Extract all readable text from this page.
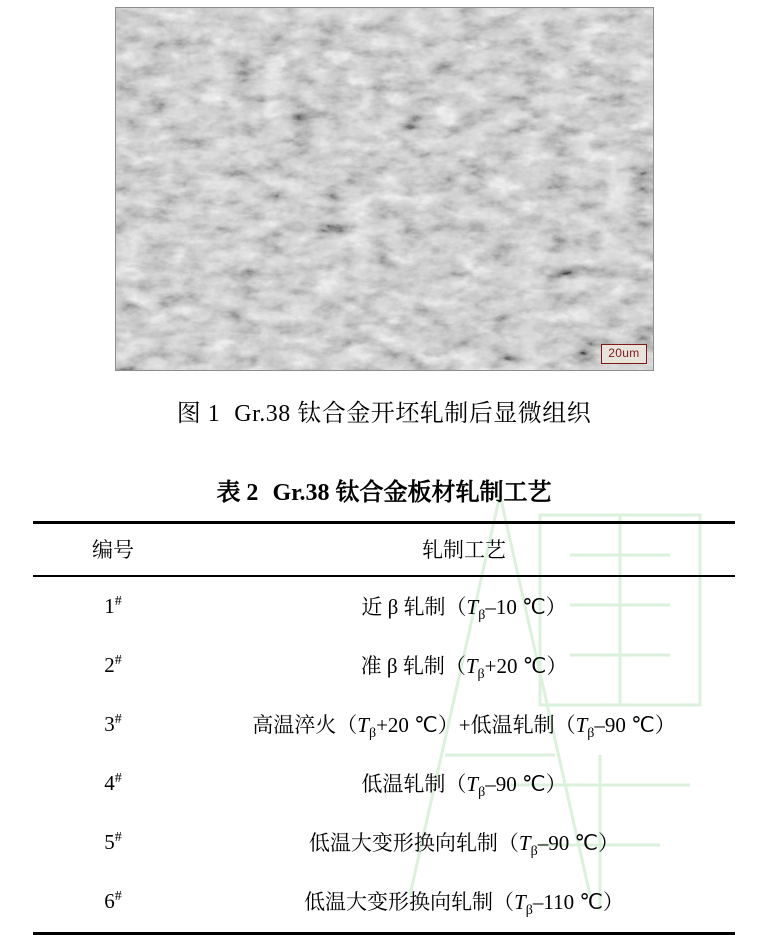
20um
图 1 Gr.38 钛合金开坯轧制后显微组织
表 2 Gr.38 钛合金板材轧制工艺
编号	轧制工艺
1#	近 β 轧制（$T_\beta-10$ ℃）
2#	准 β 轧制（$T_\beta+20$ ℃）
3#	高温淬火（$T_\beta+20$ ℃）+低温轧制（$T_\beta-90$ ℃）
4#	低温轧制（$T_\beta-90$ ℃）
5#	低温大变形换向轧制（$T_\beta-90$ ℃）
6#	低温大变形换向轧制（$T_\beta-110$ ℃）
